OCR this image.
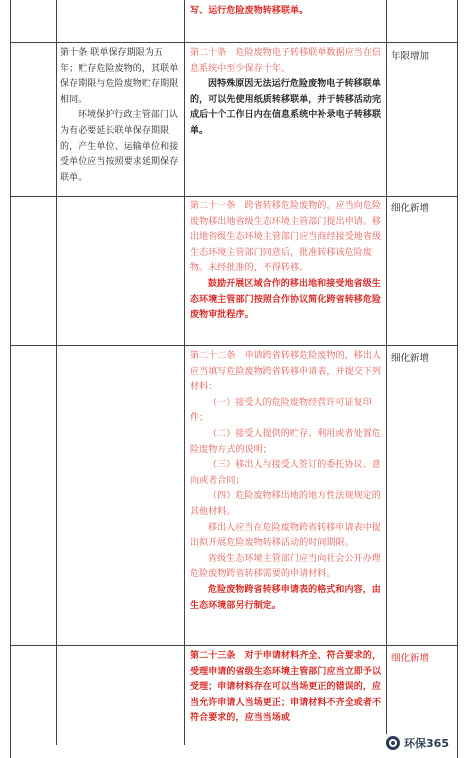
写、运行危险废物转移联单。

第十条 联单保存期限为五年；贮存危险废物的，其联单保存期限与危险废物贮存期限相同。

环境保护行政主管部门认为有必要延长联单保存期限的，产生单位、运输单位和接受单位应当按照要求延期保存联单。

第二十条　危险废物电子转移联单数据应当在信息系统中至少保存十年。

因特殊原因无法运行危险废物电子转移联单的，可以先使用纸质转移联单，并于转移活动完成后十个工作日内在信息系统中补录电子转移联单。

年限增加

第二十一条　跨省转移危险废物的，应当向危险废物移出地省级生态环境主管部门提出申请。移出地省级生态环境主管部门应当商经接受地省级生态环境主管部门同意后，批准转移该危险废物。未经批准的，不得转移。

鼓励开展区域合作的移出地和接受地省级生态环境主管部门按照合作协议简化跨省转移危险废物审批程序。

细化新增

第二十二条　申请跨省转移危险废物的，移出人应当填写危险废物跨省转移申请表，并提交下列材料：

（一）接受人的危险废物经营许可证复印件；

（二）接受人提供的贮存、利用或者处置危险废物方式的说明；

（三）移出人与接受人签订的委托协议、意向或者合同；

（四）危险废物移出地的地方性法规规定的其他材料。

移出人应当在危险废物跨省转移申请表中提出拟开展危险废物转移活动的时间期限。

省级生态环境主管部门应当向社会公开办理危险废物跨省转移需要的申请材料。

危险废物跨省转移申请表的格式和内容，由生态环境部另行制定。

细化新增

第二十三条　对于申请材料齐全、符合要求的，受理申请的省级生态环境主管部门应当立即予以受理；申请材料存在可以当场更正的错误的，应当允许申请人当场更正；申请材料不齐全或者不符合要求的，应当当场或

细化新增
环保365
